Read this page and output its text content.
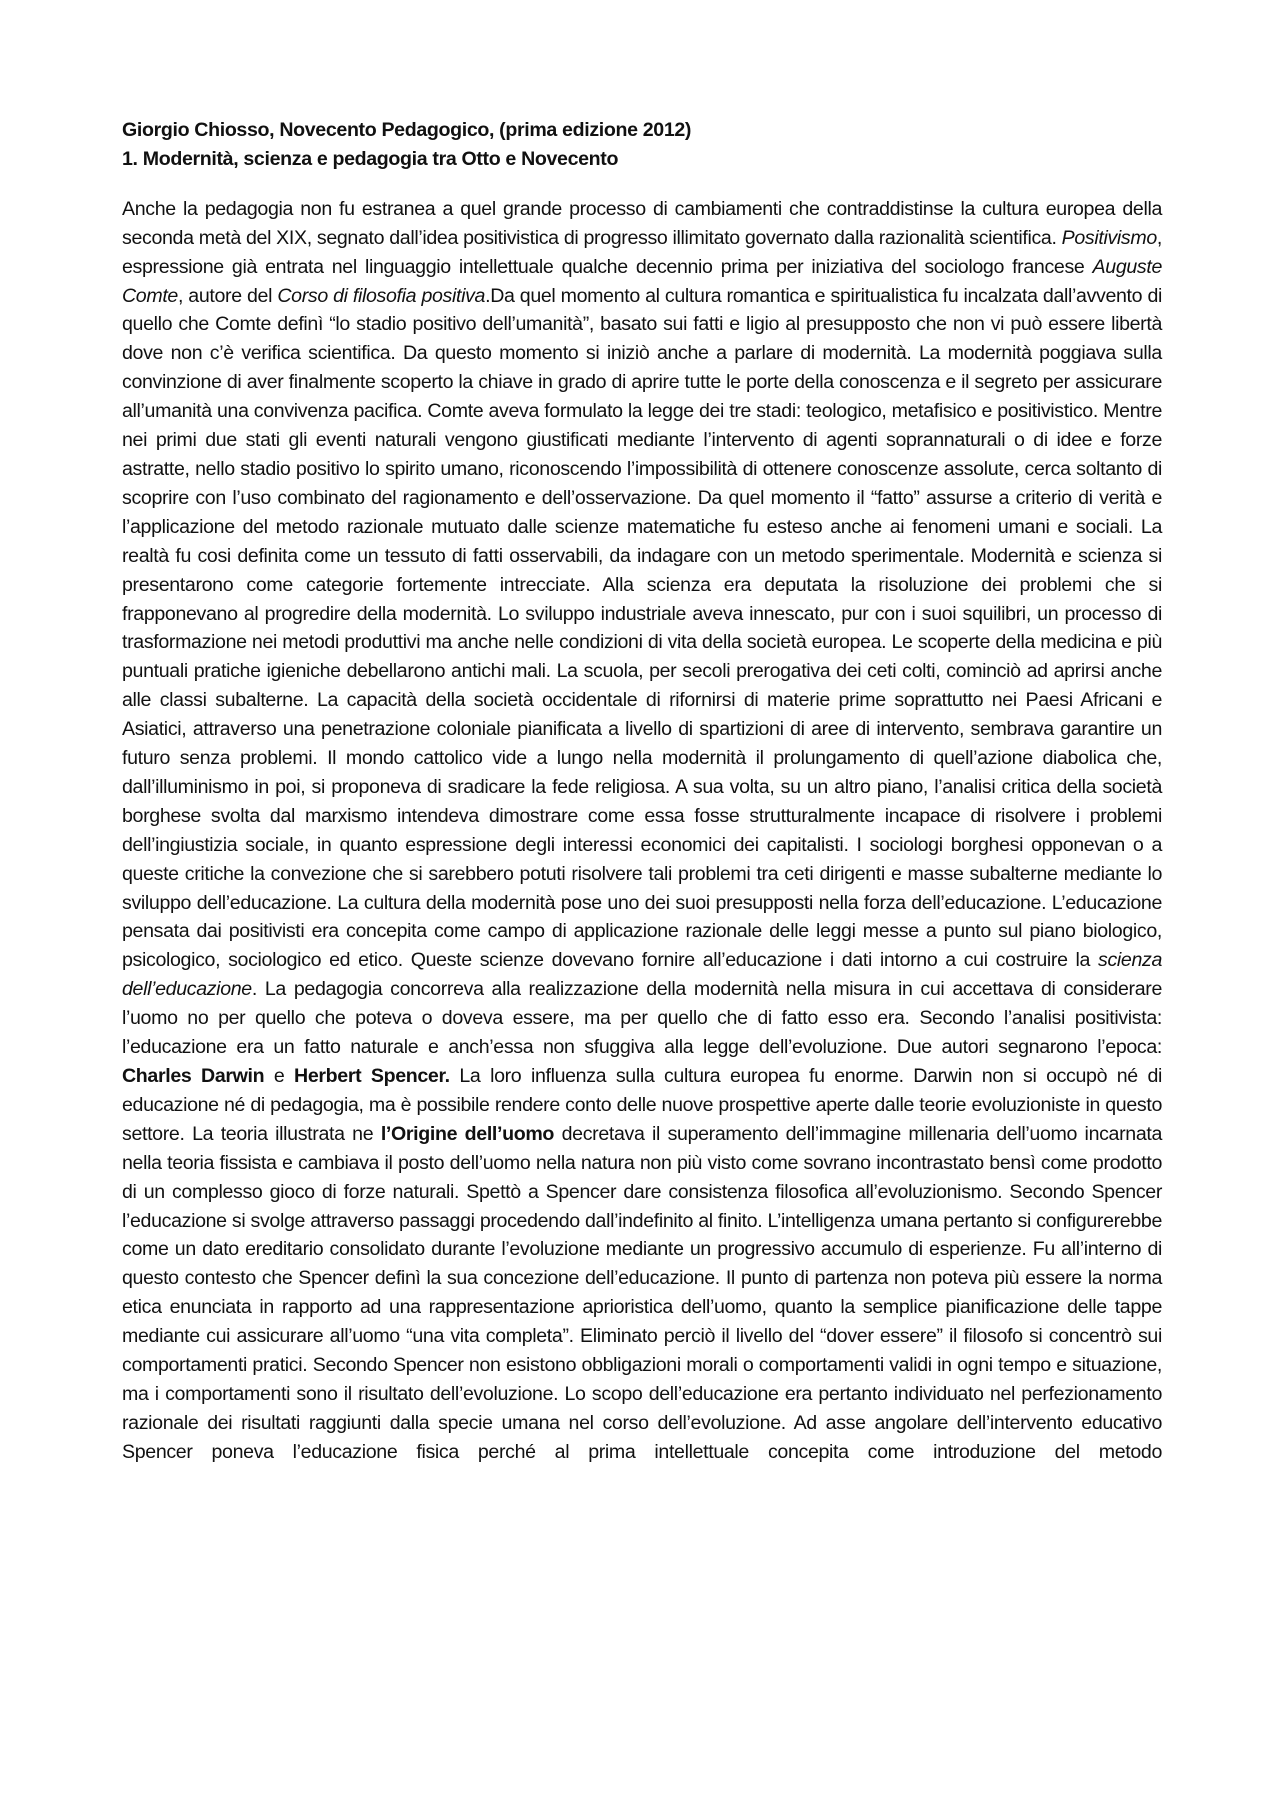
Giorgio Chiosso, Novecento Pedagogico, (prima edizione 2012)
1. Modernità, scienza e pedagogia tra Otto e Novecento

Anche la pedagogia non fu estranea a quel grande processo di cambiamenti che contraddistinse la cultura europea della seconda metà del XIX, segnato dall’idea positivistica di progresso illimitato governato dalla razionalità scientifica. Positivismo, espressione già entrata nel linguaggio intellettuale qualche decennio prima per iniziativa del sociologo francese Auguste Comte, autore del Corso di filosofia positiva.Da quel momento al cultura romantica e spiritualistica fu incalzata dall’avvento di quello che Comte definì “lo stadio positivo dell’umanità”, basato sui fatti e ligio al presupposto che non vi può essere libertà dove non c’è verifica scientifica. Da questo momento si iniziò anche a parlare di modernità. La modernità poggiava sulla convinzione di aver finalmente scoperto la chiave in grado di aprire tutte le porte della conoscenza e il segreto per assicurare all’umanità una convivenza pacifica. Comte aveva formulato la legge dei tre stadi: teologico, metafisico e positivistico. Mentre nei primi due stati gli eventi naturali vengono giustificati mediante l’intervento di agenti soprannaturali o di idee e forze astratte, nello stadio positivo lo spirito umano, riconoscendo l’impossibilità di ottenere conoscenze assolute, cerca soltanto di scoprire con l’uso combinato del ragionamento e dell’osservazione. Da quel momento il “fatto” assurse a criterio di verità e l’applicazione del metodo razionale mutuato dalle scienze matematiche fu esteso anche ai fenomeni umani e sociali. La realtà fu cosi definita come un tessuto di fatti osservabili, da indagare con un metodo sperimentale. Modernità e scienza si presentarono come categorie fortemente intrecciate. Alla scienza era deputata la risoluzione dei problemi che si frapponevano al progredire della modernità. Lo sviluppo industriale aveva innescato, pur con i suoi squilibri, un processo di trasformazione nei metodi produttivi ma anche nelle condizioni di vita della società europea. Le scoperte della medicina e più puntuali pratiche igieniche debellarono antichi mali. La scuola, per secoli prerogativa dei ceti colti, cominciò ad aprirsi anche alle classi subalterne. La capacità della società occidentale di rifornirsi di materie prime soprattutto nei Paesi Africani e Asiatici, attraverso una penetrazione coloniale pianificata a livello di spartizioni di aree di intervento, sembrava garantire un futuro senza problemi. Il mondo cattolico vide a lungo nella modernità il prolungamento di quell’azione diabolica che, dall’illuminismo in poi, si proponeva di sradicare la fede religiosa. A sua volta, su un altro piano, l’analisi critica della società borghese svolta dal marxismo intendeva dimostrare come essa fosse strutturalmente incapace di risolvere i problemi dell’ingiustizia sociale, in quanto espressione degli interessi economici dei capitalisti. I sociologi borghesi opponevan o a queste critiche la convezione che si sarebbero potuti risolvere tali problemi tra ceti dirigenti e masse subalterne mediante lo sviluppo dell’educazione. La cultura della modernità pose uno dei suoi presupposti nella forza dell’educazione. L’educazione pensata dai positivisti era concepita come campo di applicazione razionale delle leggi messe a punto sul piano biologico, psicologico, sociologico ed etico. Queste scienze dovevano fornire all’educazione i dati intorno a cui costruire la scienza dell’educazione. La pedagogia concorreva alla realizzazione della modernità nella misura in cui accettava di considerare l’uomo no per quello che poteva o doveva essere, ma per quello che di fatto esso era. Secondo l’analisi positivista: l’educazione era un fatto naturale e anch’essa non sfuggiva alla legge dell’evoluzione. Due autori segnarono l’epoca: Charles Darwin e Herbert Spencer. La loro influenza sulla cultura europea fu enorme. Darwin non si occupò né di educazione né di pedagogia, ma è possibile rendere conto delle nuove prospettive aperte dalle teorie evoluzioniste in questo settore. La teoria illustrata ne l’Origine dell’uomo decretava il superamento dell’immagine millenaria dell’uomo incarnata nella teoria fissista e cambiava il posto dell’uomo nella natura non più visto come sovrano incontrastato bensì come prodotto di un complesso gioco di forze naturali. Spettò a Spencer dare consistenza filosofica all’evoluzionismo. Secondo Spencer l’educazione si svolge attraverso passaggi procedendo dall’indefinito al finito. L’intelligenza umana pertanto si configurerebbe come un dato ereditario consolidato durante l’evoluzione mediante un progressivo accumulo di esperienze. Fu all’interno di questo contesto che Spencer definì la sua concezione dell’educazione. Il punto di partenza non poteva più essere la norma etica enunciata in rapporto ad una rappresentazione aprioristica dell’uomo, quanto la semplice pianificazione delle tappe mediante cui assicurare all’uomo “una vita completa”. Eliminato perciò il livello del “dover essere” il filosofo si concentrò sui comportamenti pratici. Secondo Spencer non esistono obbligazioni morali o comportamenti validi in ogni tempo e situazione, ma i comportamenti sono il risultato dell’evoluzione. Lo scopo dell’educazione era pertanto individuato nel perfezionamento razionale dei risultati raggiunti dalla specie umana nel corso dell’evoluzione. Ad asse angolare dell’intervento educativo Spencer poneva l’educazione fisica perché al prima intellettuale concepita come introduzione del metodo
